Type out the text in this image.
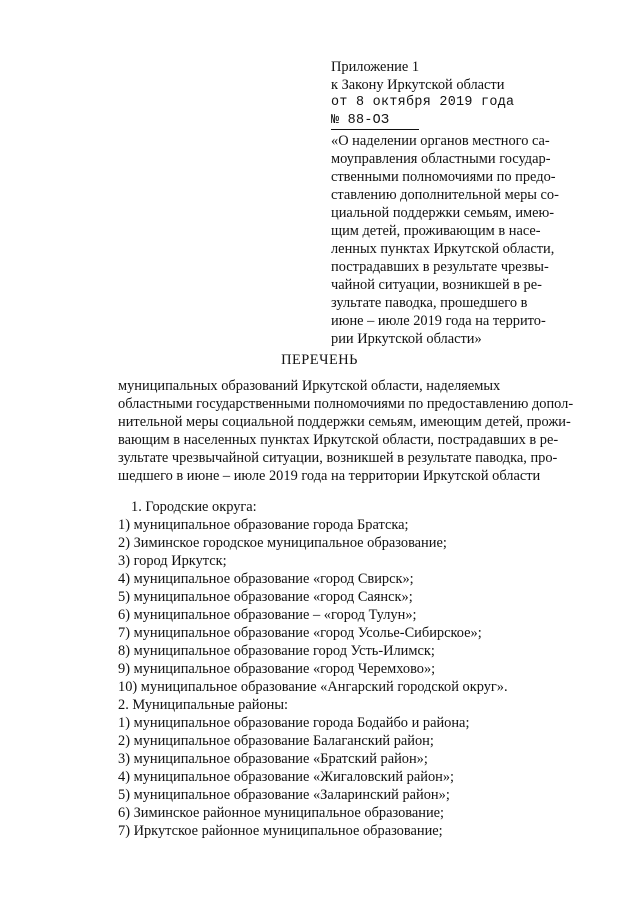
Приложение 1
к Закону Иркутской области
от 8 октября 2019 года
№ 88-ОЗ
«О наделении органов местного са-
моуправления областными государ-
ственными полномочиями по предо-
ставлению дополнительной меры со-
циальной поддержки семьям, имею-
щим детей, проживающим в насе-
ленных пунктах Иркутской области,
пострадавших в результате чрезвы-
чайной ситуации, возникшей в ре-
зультате паводка, прошедшего в
июне – июле 2019 года на террито-
рии Иркутской области»
ПЕРЕЧЕНЬ
муниципальных образований Иркутской области, наделяемых
областными государственными полномочиями по предоставлению допол-
нительной меры социальной поддержки семьям, имеющим детей, прожи-
вающим в населенных пунктах Иркутской области, пострадавших в ре-
зультате чрезвычайной ситуации, возникшей в результате паводка, про-
шедшего в июне – июле 2019 года на территории Иркутской области
1. Городские округа:
1) муниципальное образование города Братска;
2) Зиминское городское муниципальное образование;
3) город Иркутск;
4) муниципальное образование «город Свирск»;
5) муниципальное образование «город Саянск»;
6) муниципальное образование – «город Тулун»;
7) муниципальное образование «город Усолье-Сибирское»;
8) муниципальное образование город Усть-Илимск;
9) муниципальное образование «город Черемхово»;
10) муниципальное образование «Ангарский городской округ».
2. Муниципальные районы:
1) муниципальное образование города Бодайбо и района;
2) муниципальное образование Балаганский район;
3) муниципальное образование «Братский район»;
4) муниципальное образование «Жигаловский район»;
5) муниципальное образование «Заларинский район»;
6) Зиминское районное муниципальное образование;
7) Иркутское районное муниципальное образование;
